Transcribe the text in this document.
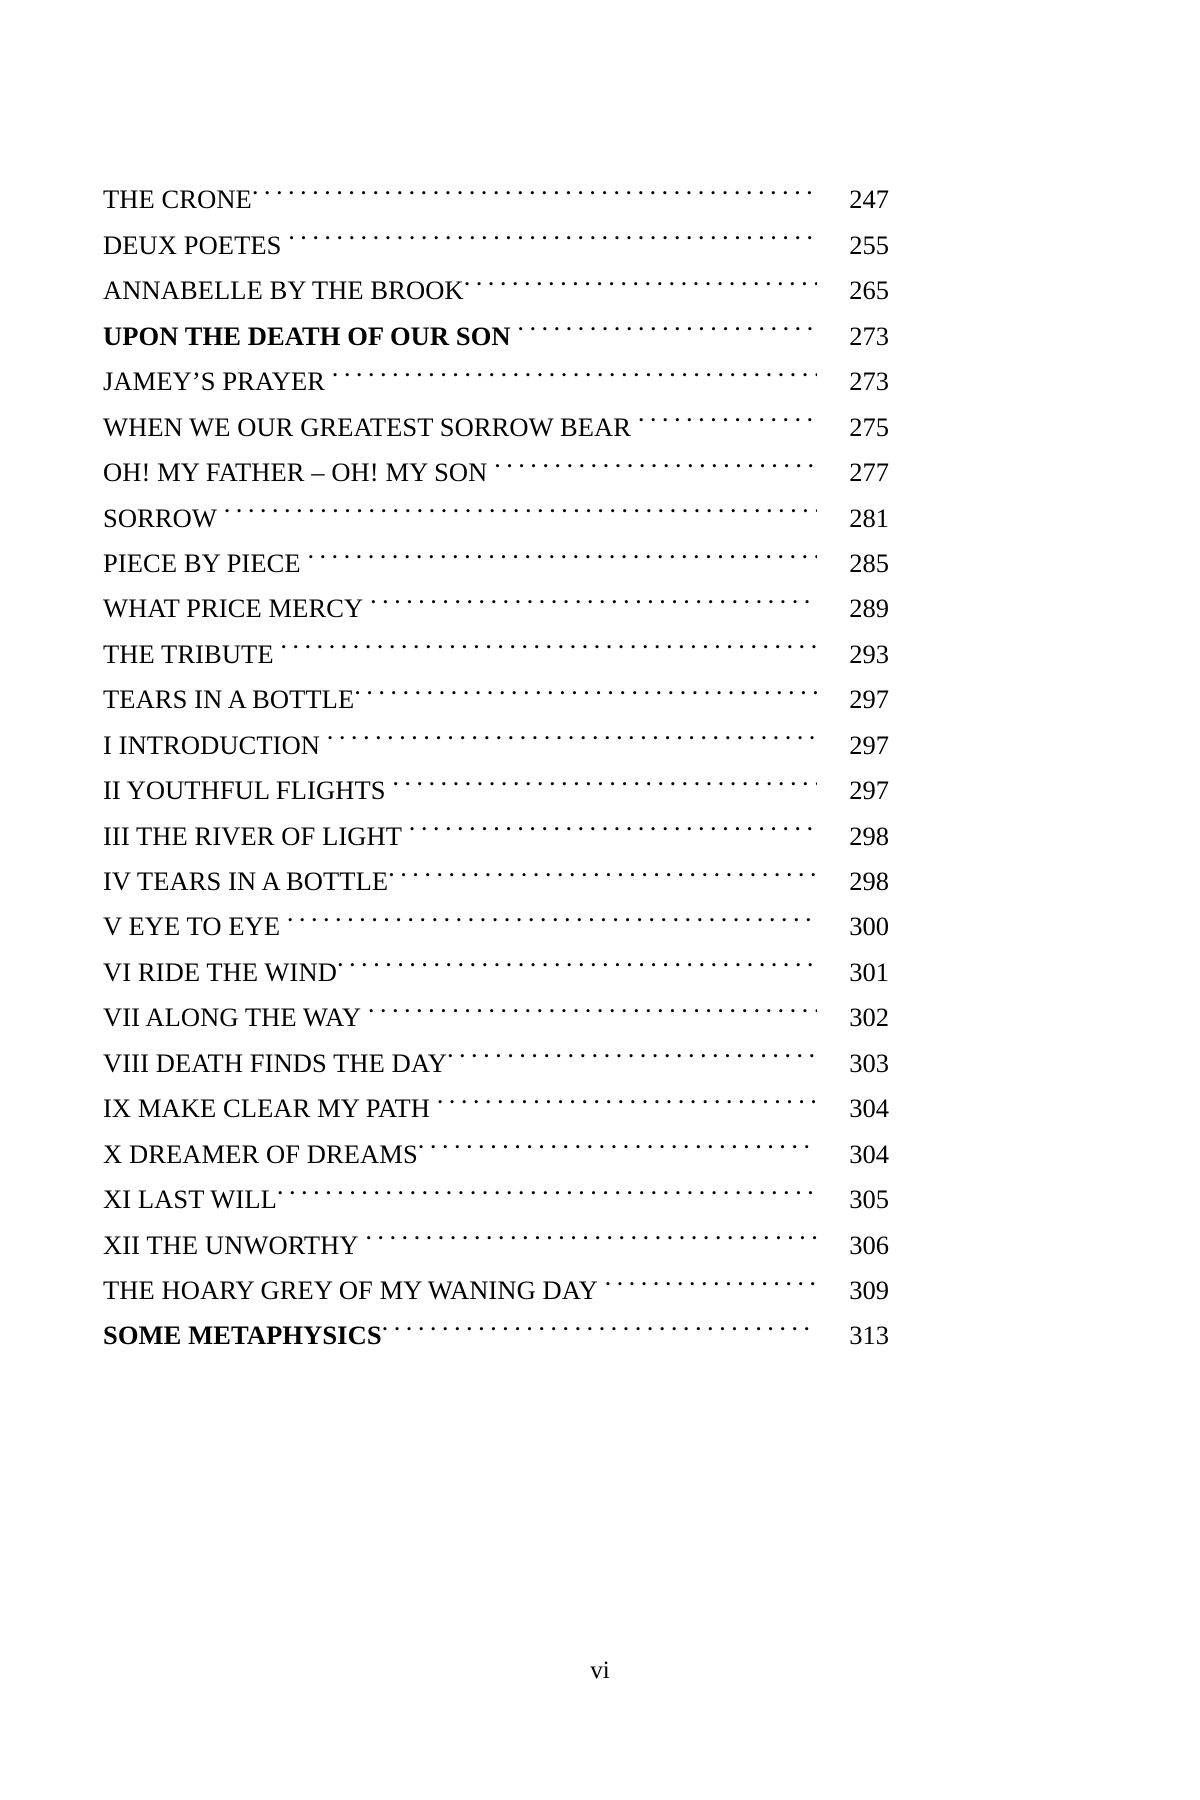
THE CRONE . . .	247
DEUX POETES . . .	255
ANNABELLE BY THE BROOK . . .	265
UPON THE DEATH OF OUR SON . . .	273
JAMEY’S PRAYER . . .	273
WHEN WE OUR GREATEST SORROW BEAR . . .	275
OH! MY FATHER – OH! MY SON . . .	277
SORROW . . .	281
PIECE BY PIECE . . .	285
WHAT PRICE MERCY . . .	289
THE TRIBUTE . . .	293
TEARS IN A BOTTLE . . .	297
I INTRODUCTION . . .	297
II YOUTHFUL FLIGHTS . . .	297
III THE RIVER OF LIGHT . . .	298
IV TEARS IN A BOTTLE . . .	298
V EYE TO EYE . . .	300
VI RIDE THE WIND . . .	301
VII ALONG THE WAY . . .	302
VIII DEATH FINDS THE DAY . . .	303
IX MAKE CLEAR MY PATH . . .	304
X DREAMER OF DREAMS . . .	304
XI LAST WILL . . .	305
XII THE UNWORTHY . . .	306
THE HOARY GREY OF MY WANING DAY . . .	309
SOME METAPHYSICS . . .	313
vi
